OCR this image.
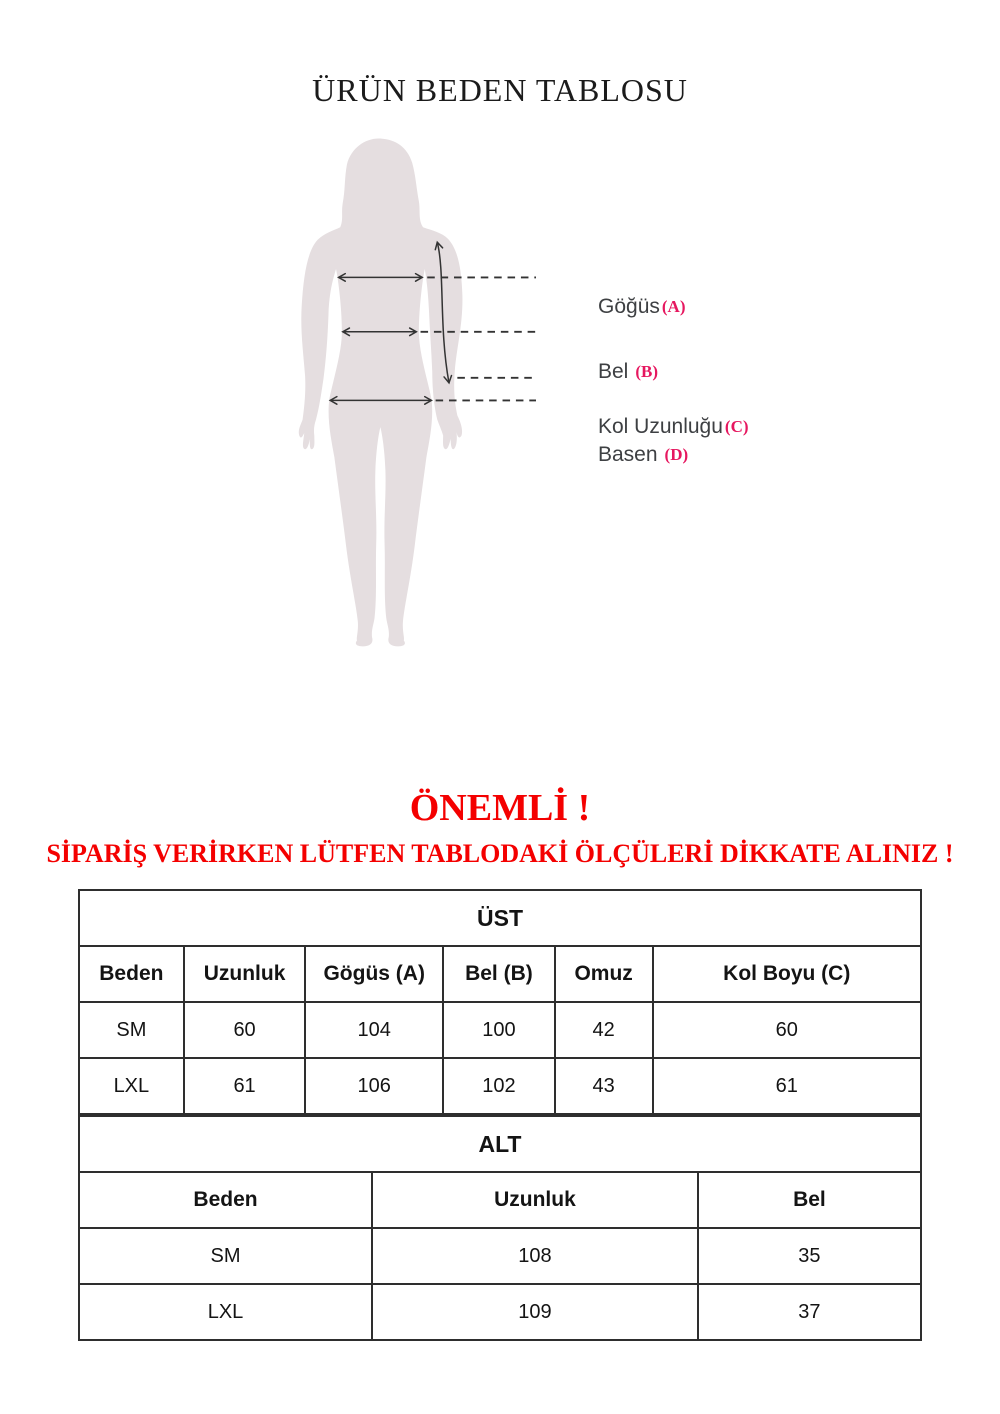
ÜRÜN BEDEN TABLOSU
Göğüs (A)
Bel (B)
Kol Uzunluğu (C)
Basen (D)
ÖNEMLİ !
SİPARİŞ VERİRKEN LÜTFEN TABLODAKİ ÖLÇÜLERİ DİKKATE ALINIZ !
ÜST					
Beden	Uzunluk	Gögüs (A)	Bel (B)	Omuz	Kol Boyu (C)
SM	60	104	100	42	60
LXL	61	106	102	43	61
ALT		
Beden	Uzunluk	Bel
SM	108	35
LXL	109	37
